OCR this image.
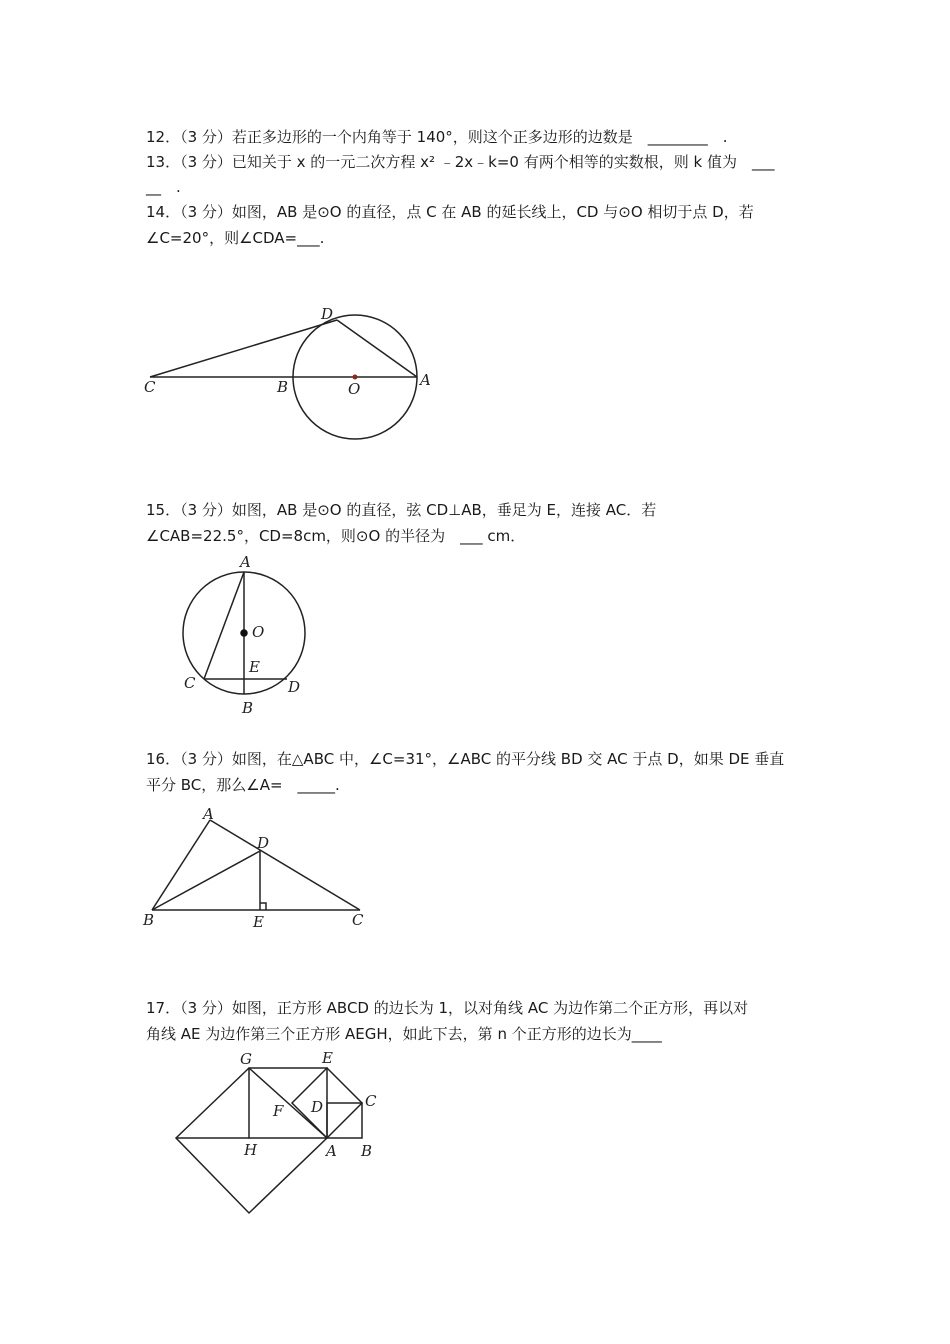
12．（3 分）若正多边形的一个内角等于 140°，则这个正多边形的边数是　________　.
13．（3 分）已知关于 x 的一元二次方程 x² ﹣2x﹣k=0 有两个相等的实数根，则 k 值为　___
__　.
14．（3 分）如图，AB 是⊙O 的直径，点 C 在 AB 的延长线上，CD 与⊙O 相切于点 D，若
∠C=20°，则∠CDA=___.
C	B	O	A
D
15．（3 分）如图，AB 是⊙O 的直径，弦 CD⊥AB，垂足为 E，连接 AC．若
∠CAB=22.5°，CD=8cm，则⊙O 的半径为　___ cm．
A
O
E
C	D
B
16．（3 分）如图，在△ABC 中，∠C=31°，∠ABC 的平分线 BD 交 AC 于点 D，如果 DE 垂直
平分 BC，那么∠A=　_____.
A
D
B	E	C
17．（3 分）如图，正方形 ABCD 的边长为 1，以对角线 AC 为边作第二个正方形，再以对
角线 AE 为边作第三个正方形 AEGH，如此下去，第 n 个正方形的边长为____
G	E
C
F D
H	A B
